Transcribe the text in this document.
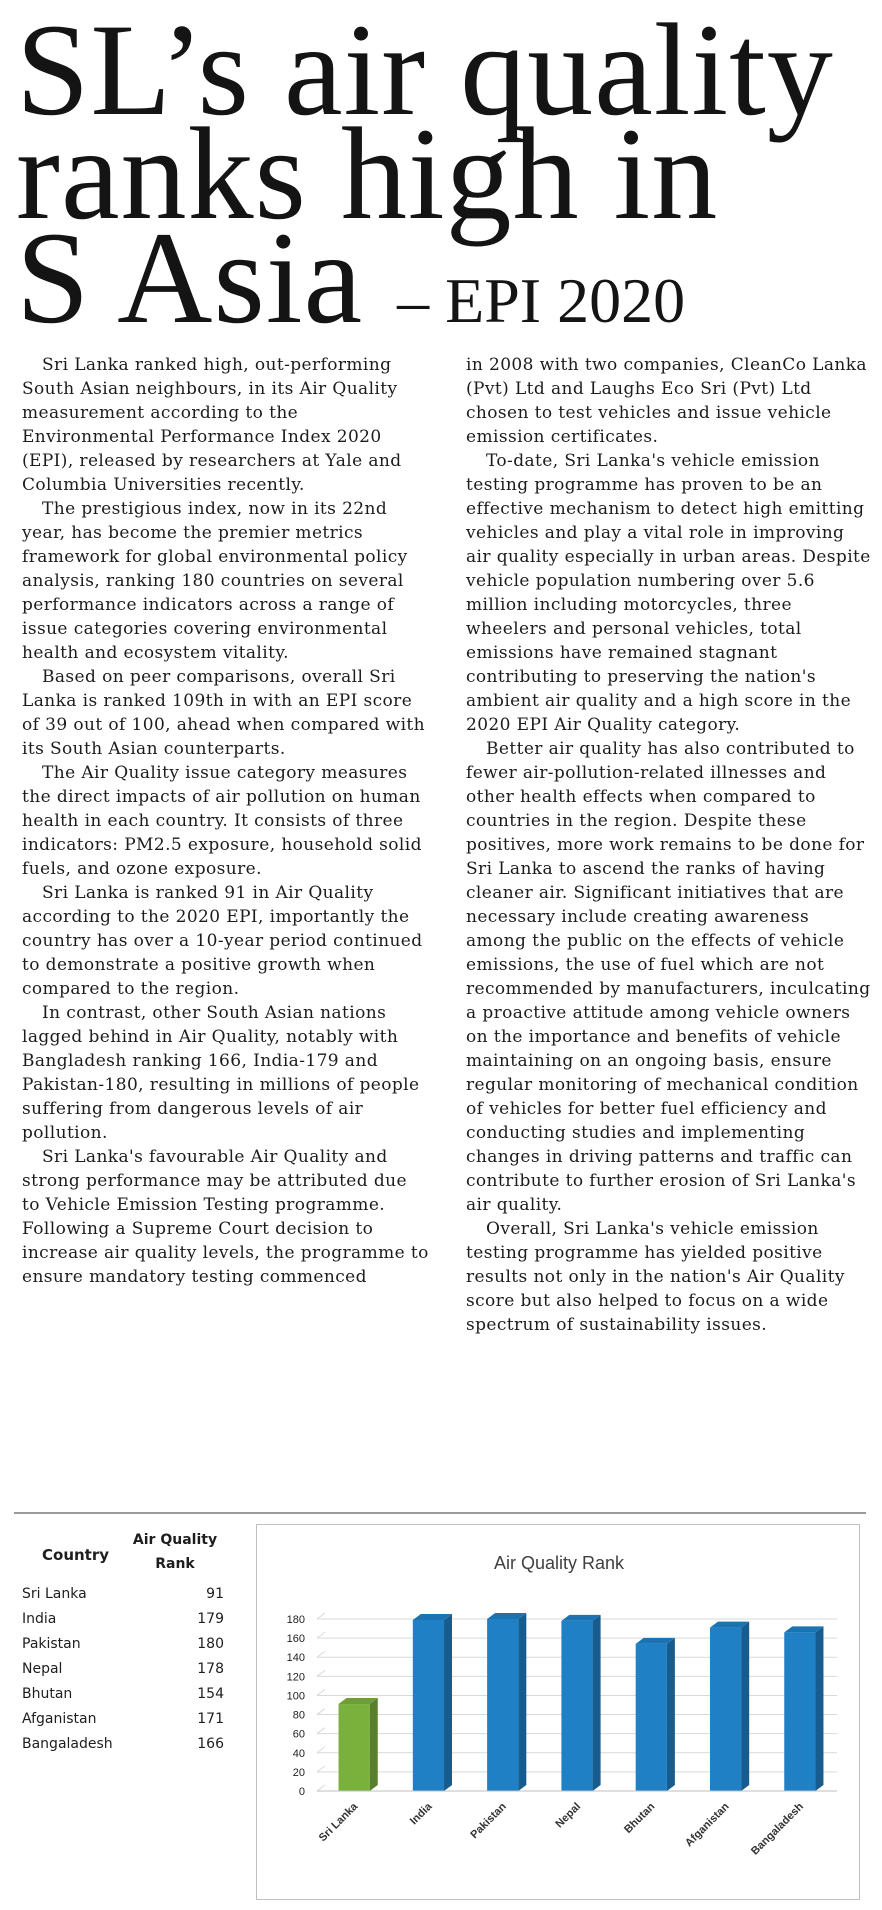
SL’s air quality
ranks high in
S Asia – EPI 2020

Sri Lanka ranked high, out-performing South Asian neighbours, in its Air Quality measurement according to the Environmental Performance Index 2020 (EPI), released by researchers at Yale and Columbia Universities recently.

The prestigious index, now in its 22nd year, has become the premier metrics framework for global environmental policy analysis, ranking 180 countries on several performance indicators across a range of issue categories covering environmental health and ecosystem vitality.

Based on peer comparisons, overall Sri Lanka is ranked 109th in with an EPI score of 39 out of 100, ahead when compared with its South Asian counterparts.

The Air Quality issue category measures the direct impacts of air pollution on human health in each country. It consists of three indicators: PM2.5 exposure, household solid fuels, and ozone exposure.

Sri Lanka is ranked 91 in Air Quality according to the 2020 EPI, importantly the country has over a 10-year period continued to demonstrate a positive growth when compared to the region.

In contrast, other South Asian nations lagged behind in Air Quality, notably with Bangladesh ranking 166, India-179 and Pakistan-180, resulting in millions of people suffering from dangerous levels of air pollution.

Sri Lanka's favourable Air Quality and strong performance may be attributed due to Vehicle Emission Testing programme. Following a Supreme Court decision to increase air quality levels, the programme to ensure mandatory testing commenced

in 2008 with two companies, CleanCo Lanka (Pvt) Ltd and Laughs Eco Sri (Pvt) Ltd chosen to test vehicles and issue vehicle emission certificates.

To-date, Sri Lanka's vehicle emission testing programme has proven to be an effective mechanism to detect high emitting vehicles and play a vital role in improving air quality especially in urban areas. Despite vehicle population numbering over 5.6 million including motorcycles, three wheelers and personal vehicles, total emissions have remained stagnant contributing to preserving the nation's ambient air quality and a high score in the 2020 EPI Air Quality category.

Better air quality has also contributed to fewer air-pollution-related illnesses and other health effects when compared to countries in the region. Despite these positives, more work remains to be done for Sri Lanka to ascend the ranks of having cleaner air. Significant initiatives that are necessary include creating awareness among the public on the effects of vehicle emissions, the use of fuel which are not recommended by manufacturers, inculcating a proactive attitude among vehicle owners on the importance and benefits of vehicle maintaining on an ongoing basis, ensure regular monitoring of mechanical condition of vehicles for better fuel efficiency and conducting studies and implementing changes in driving patterns and traffic can contribute to further erosion of Sri Lanka's air quality.

Overall, Sri Lanka's vehicle emission testing programme has yielded positive results not only in the nation's Air Quality score but also helped to focus on a wide spectrum of sustainability issues.

Country
Air Quality
Rank
Sri Lanka	91
India	179
Pakistan	180
Nepal	178
Bhutan	154
Afganistan	171
Bangaladesh	166
Air Quality Rank
0
20
40
60
80
100
120
140
160
180
Sri Lanka	India	Pakistan	Nepal	Bhutan Afganistan Bangaladesh
